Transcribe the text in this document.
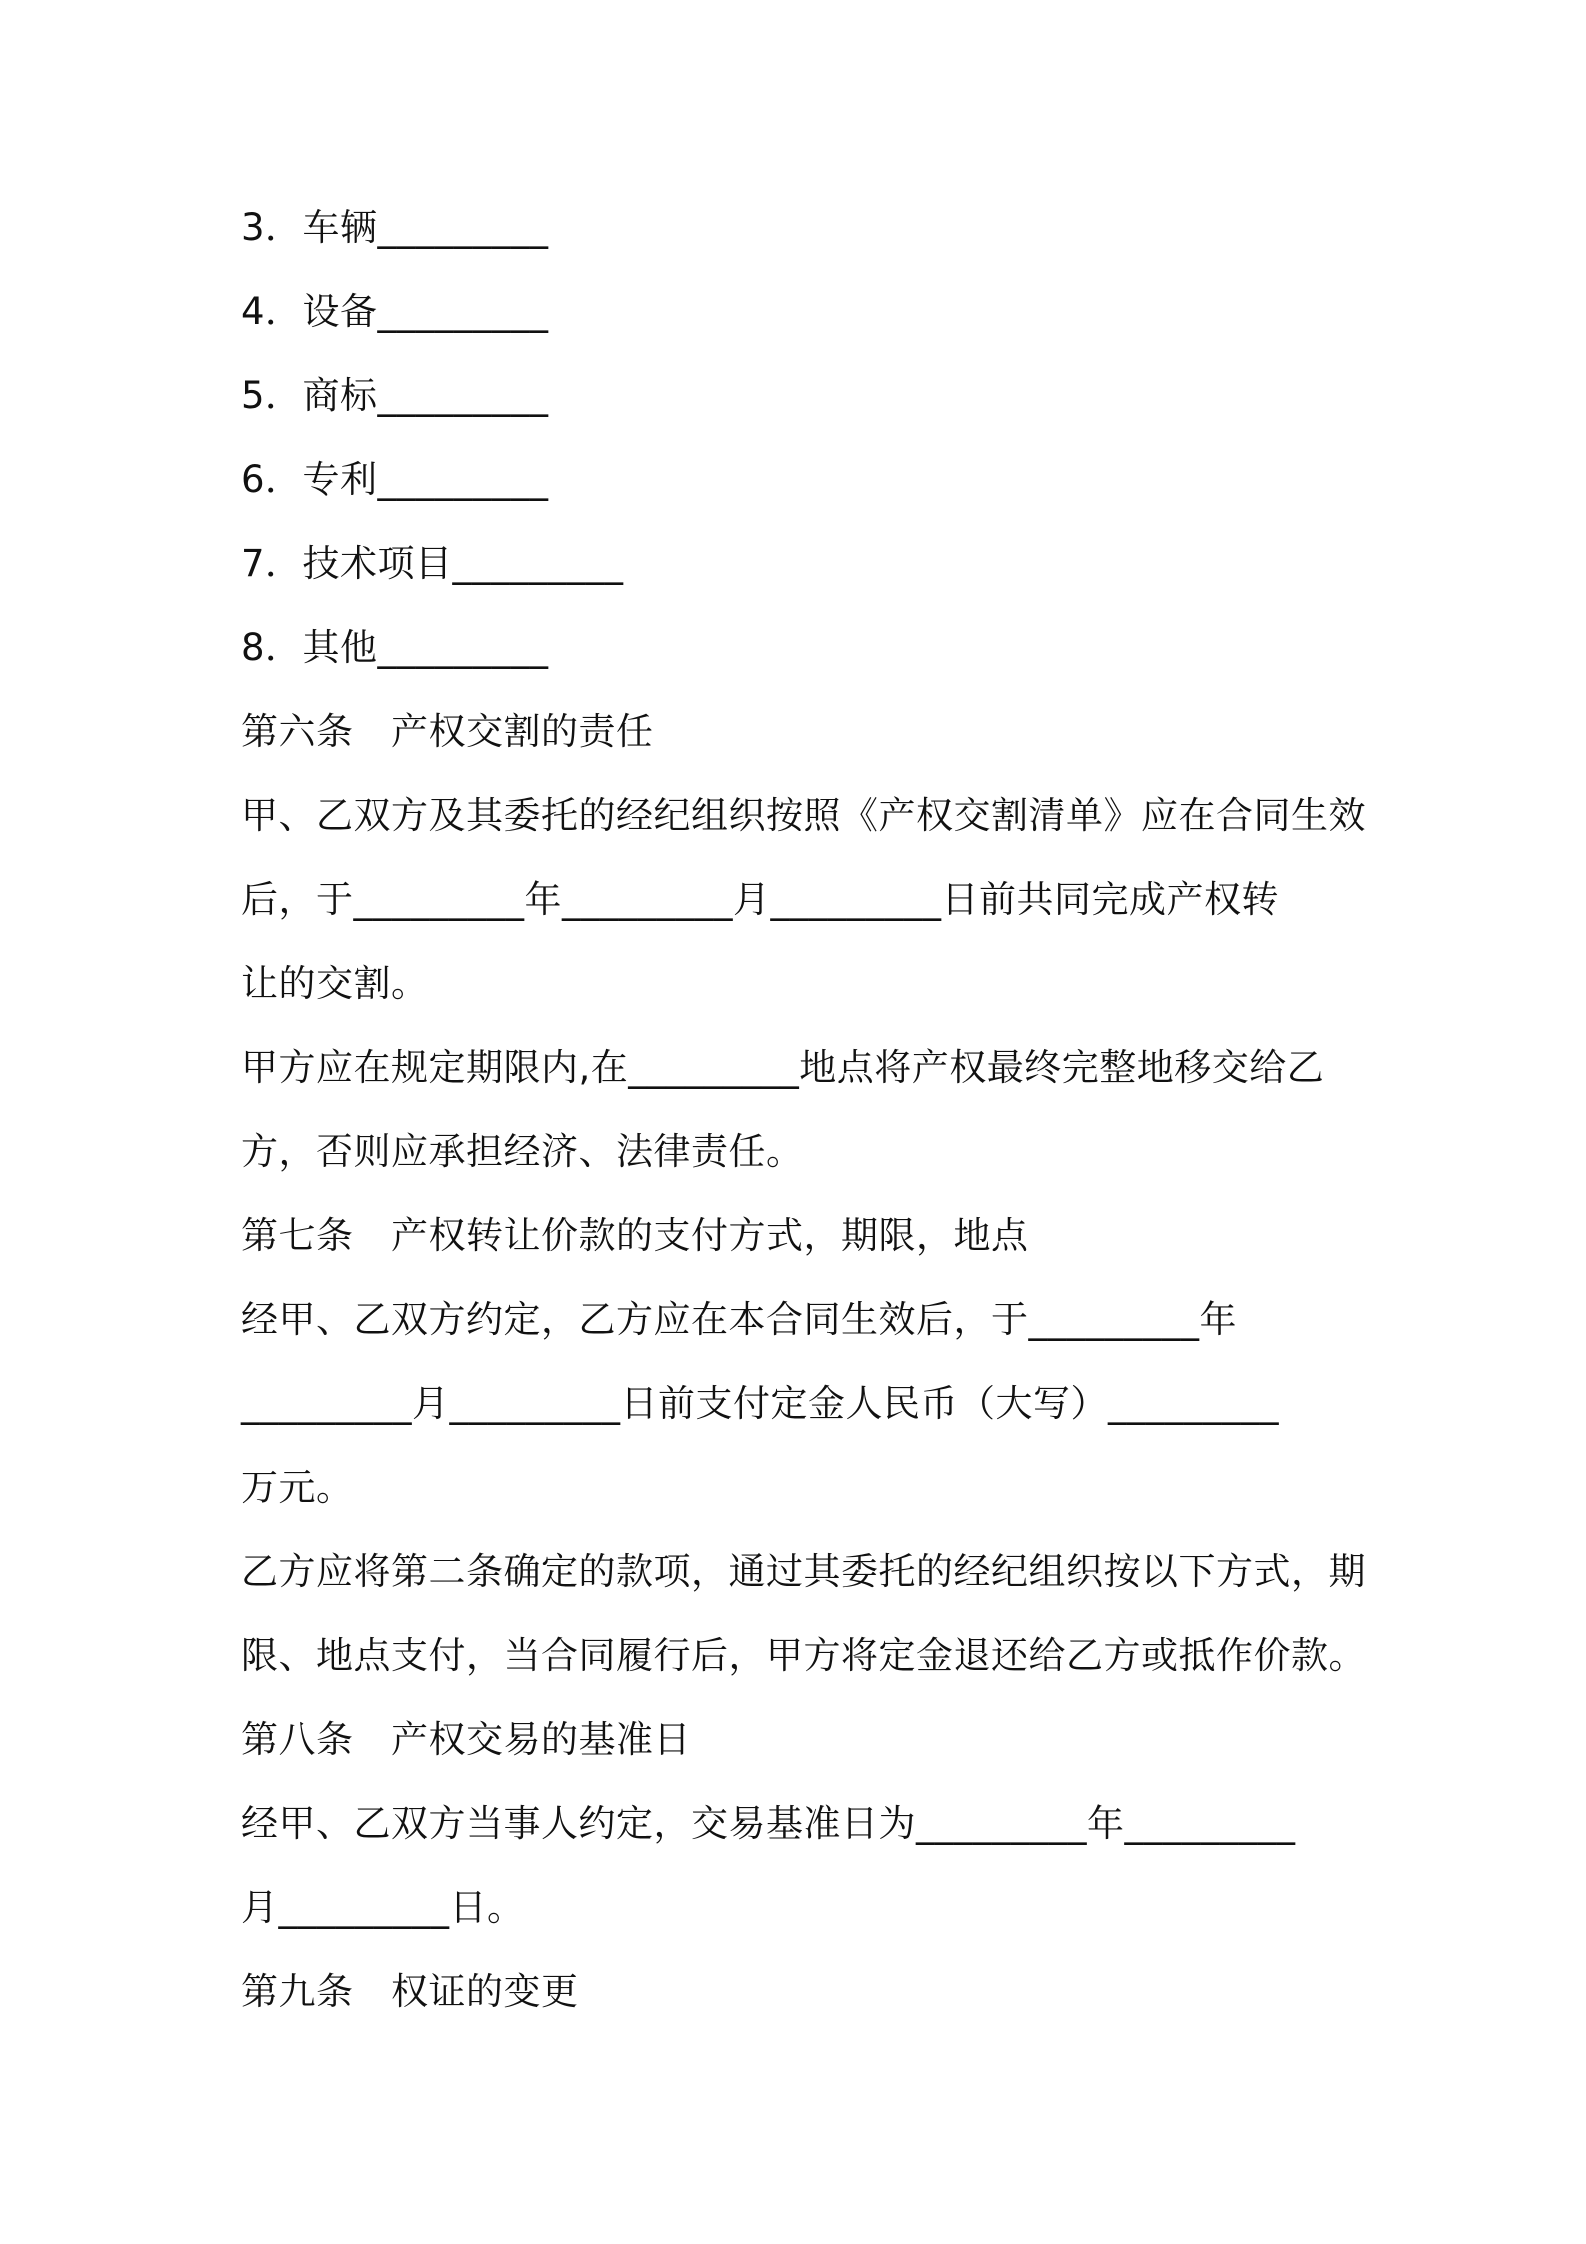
3．车辆_________
4．设备_________
5．商标_________
6．专利_________
7．技术项目_________
8．其他_________
第六条　产权交割的责任
甲、乙双方及其委托的经纪组织按照《产权交割清单》应在合同生效
后，于_________年_________月_________日前共同完成产权转
让的交割。
甲方应在规定期限内,在_________地点将产权最终完整地移交给乙
方，否则应承担经济、法律责任。
第七条　产权转让价款的支付方式，期限，地点
经甲、乙双方约定，乙方应在本合同生效后，于_________年
_________月_________日前支付定金人民币（大写）_________
万元。
乙方应将第二条确定的款项，通过其委托的经纪组织按以下方式，期
限、地点支付，当合同履行后，甲方将定金退还给乙方或抵作价款。
第八条　产权交易的基准日
经甲、乙双方当事人约定，交易基准日为_________年_________
月_________日。
第九条　权证的变更
